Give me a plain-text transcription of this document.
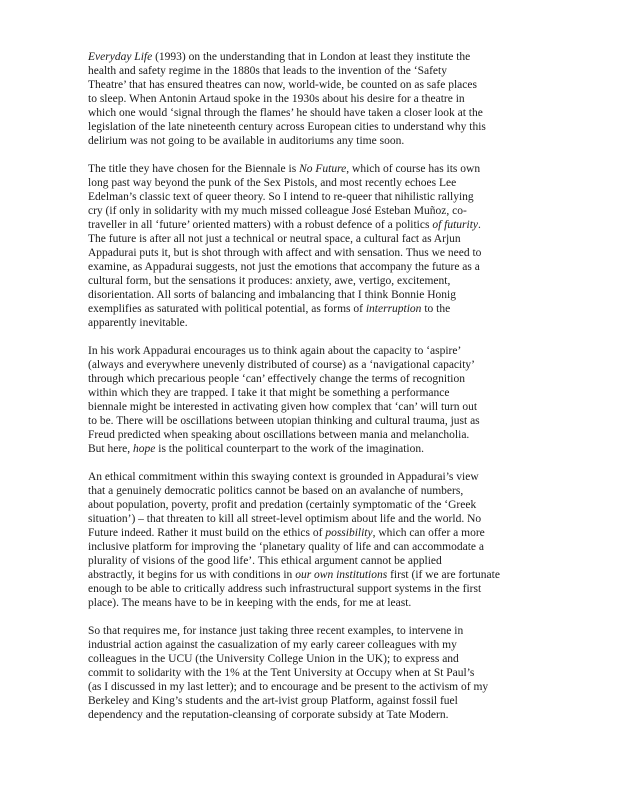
Everyday Life (1993) on the understanding that in London at least they institute the
health and safety regime in the 1880s that leads to the invention of the ‘Safety
Theatre’ that has ensured theatres can now, world-wide, be counted on as safe places
to sleep. When Antonin Artaud spoke in the 1930s about his desire for a theatre in
which one would ‘signal through the flames’ he should have taken a closer look at the
legislation of the late nineteenth century across European cities to understand why this
delirium was not going to be available in auditoriums any time soon.

The title they have chosen for the Biennale is No Future, which of course has its own
long past way beyond the punk of the Sex Pistols, and most recently echoes Lee
Edelman’s classic text of queer theory. So I intend to re-queer that nihilistic rallying
cry (if only in solidarity with my much missed colleague José Esteban Muñoz, co-
traveller in all ‘future’ oriented matters) with a robust defence of a politics of futurity.
The future is after all not just a technical or neutral space, a cultural fact as Arjun
Appadurai puts it, but is shot through with affect and with sensation. Thus we need to
examine, as Appadurai suggests, not just the emotions that accompany the future as a
cultural form, but the sensations it produces: anxiety, awe, vertigo, excitement,
disorientation. All sorts of balancing and imbalancing that I think Bonnie Honig
exemplifies as saturated with political potential, as forms of interruption to the
apparently inevitable.

In his work Appadurai encourages us to think again about the capacity to ‘aspire’
(always and everywhere unevenly distributed of course) as a ‘navigational capacity’
through which precarious people ‘can’ effectively change the terms of recognition
within which they are trapped. I take it that might be something a performance
biennale might be interested in activating given how complex that ‘can’ will turn out
to be. There will be oscillations between utopian thinking and cultural trauma, just as
Freud predicted when speaking about oscillations between mania and melancholia.
But here, hope is the political counterpart to the work of the imagination.

An ethical commitment within this swaying context is grounded in Appadurai’s view
that a genuinely democratic politics cannot be based on an avalanche of numbers,
about population, poverty, profit and predation (certainly symptomatic of the ‘Greek
situation’) – that threaten to kill all street-level optimism about life and the world. No
Future indeed. Rather it must build on the ethics of possibility, which can offer a more
inclusive platform for improving the ‘planetary quality of life and can accommodate a
plurality of visions of the good life’. This ethical argument cannot be applied
abstractly, it begins for us with conditions in our own institutions first (if we are fortunate
enough to be able to critically address such infrastructural support systems in the first
place). The means have to be in keeping with the ends, for me at least.

So that requires me, for instance just taking three recent examples, to intervene in
industrial action against the casualization of my early career colleagues with my
colleagues in the UCU (the University College Union in the UK); to express and
commit to solidarity with the 1% at the Tent University at Occupy when at St Paul’s
(as I discussed in my last letter); and to encourage and be present to the activism of my
Berkeley and King’s students and the art-ivist group Platform, against fossil fuel
dependency and the reputation-cleansing of corporate subsidy at Tate Modern.
